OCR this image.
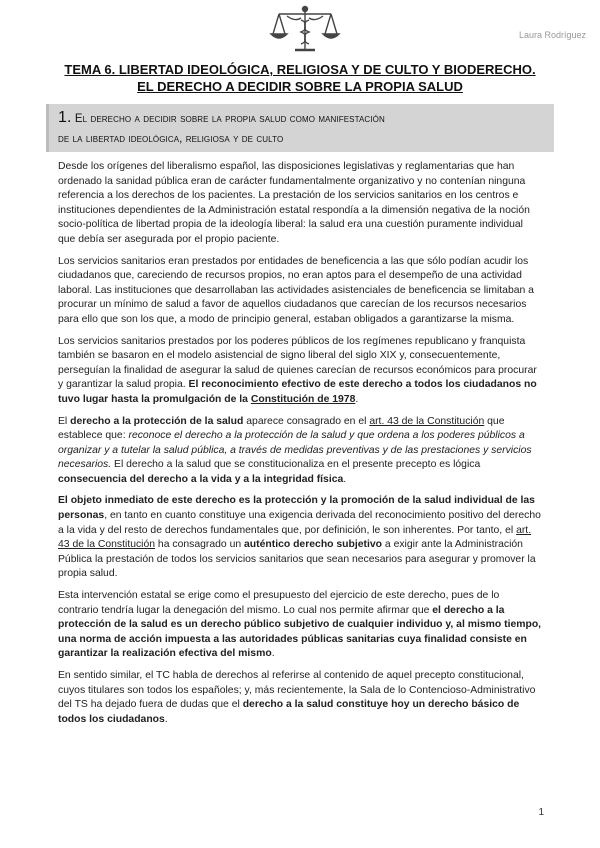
Laura Rodríguez
TEMA 6. LIBERTAD IDEOLÓGICA, RELIGIOSA Y DE CULTO Y BIODERECHO.
EL DERECHO A DECIDIR SOBRE LA PROPIA SALUD
1. El derecho a decidir sobre la propia salud como manifestación
de la libertad ideológica, religiosa y de culto

Desde los orígenes del liberalismo español, las disposiciones legislativas y reglamentarias que han ordenado la sanidad pública eran de carácter fundamentalmente organizativo y no contenían ninguna referencia a los derechos de los pacientes. La prestación de los servicios sanitarios en los centros e instituciones dependientes de la Administración estatal respondía a la dimensión negativa de la noción socio-política de libertad propia de la ideología liberal: la salud era una cuestión puramente individual que debía ser asegurada por el propio paciente.

Los servicios sanitarios eran prestados por entidades de beneficencia a las que sólo podían acudir los ciudadanos que, careciendo de recursos propios, no eran aptos para el desempeño de una actividad laboral. Las instituciones que desarrollaban las actividades asistenciales de beneficencia se limitaban a procurar un mínimo de salud a favor de aquellos ciudadanos que carecían de los recursos necesarios para ello que son los que, a modo de principio general, estaban obligados a garantizarse la misma.

Los servicios sanitarios prestados por los poderes públicos de los regímenes republicano y franquista también se basaron en el modelo asistencial de signo liberal del siglo XIX y, consecuentemente, perseguían la finalidad de asegurar la salud de quienes carecían de recursos económicos para procurar y garantizar la salud propia. El reconocimiento efectivo de este derecho a todos los ciudadanos no tuvo lugar hasta la promulgación de la Constitución de 1978.

El derecho a la protección de la salud aparece consagrado en el art. 43 de la Constitución que establece que: reconoce el derecho a la protección de la salud y que ordena a los poderes públicos a organizar y a tutelar la salud pública, a través de medidas preventivas y de las prestaciones y servicios necesarios. El derecho a la salud que se constitucionaliza en el presente precepto es lógica consecuencia del derecho a la vida y a la integridad física.

El objeto inmediato de este derecho es la protección y la promoción de la salud individual de las personas, en tanto en cuanto constituye una exigencia derivada del reconocimiento positivo del derecho a la vida y del resto de derechos fundamentales que, por definición, le son inherentes. Por tanto, el art. 43 de la Constitución ha consagrado un auténtico derecho subjetivo a exigir ante la Administración Pública la prestación de todos los servicios sanitarios que sean necesarios para asegurar y promover la propia salud.

Esta intervención estatal se erige como el presupuesto del ejercicio de este derecho, pues de lo contrario tendría lugar la denegación del mismo. Lo cual nos permite afirmar que el derecho a la protección de la salud es un derecho público subjetivo de cualquier individuo y, al mismo tiempo, una norma de acción impuesta a las autoridades públicas sanitarias cuya finalidad consiste en garantizar la realización efectiva del mismo.

En sentido similar, el TC habla de derechos al referirse al contenido de aquel precepto constitucional, cuyos titulares son todos los españoles; y, más recientemente, la Sala de lo Contencioso-Administrativo del TS ha dejado fuera de dudas que el derecho a la salud constituye hoy un derecho básico de todos los ciudadanos.

1
